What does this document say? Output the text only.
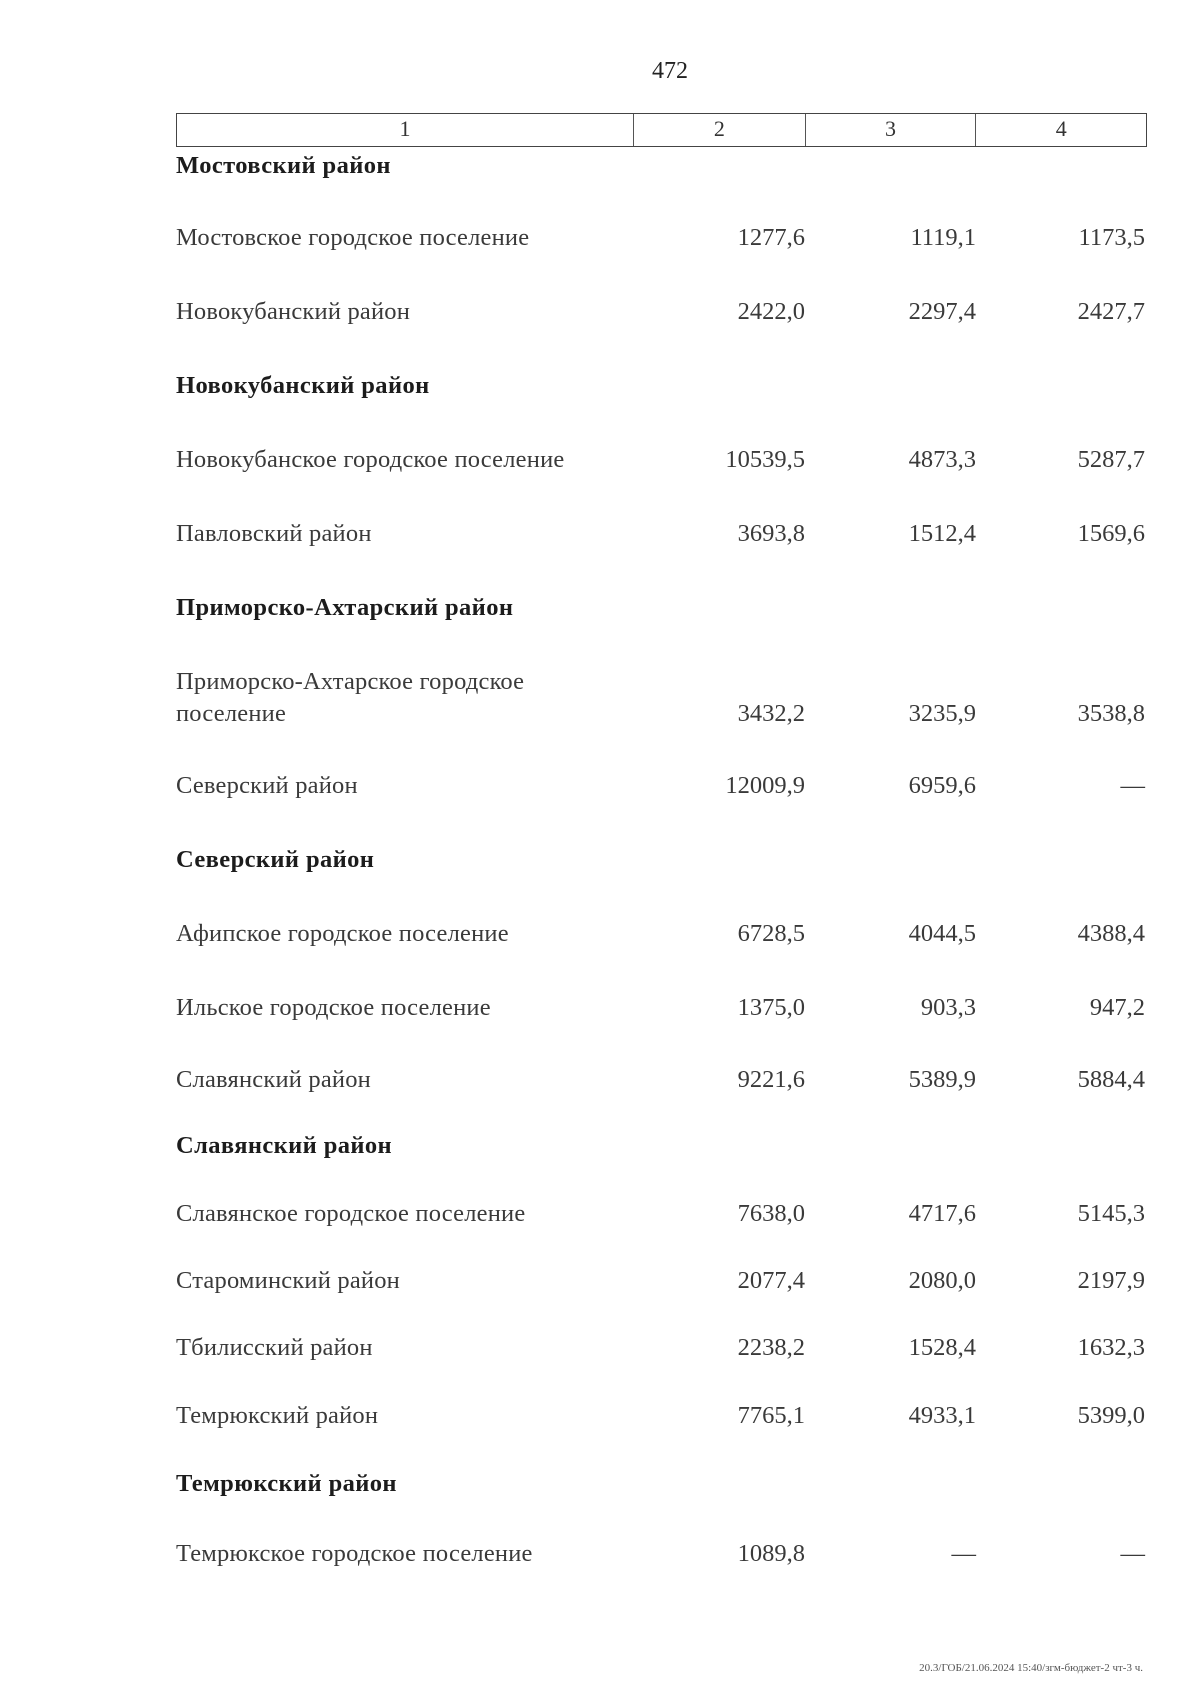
472
1	2	3	4
Мостовский район
Мостовское городское поселение	1277,6	1119,1	1173,5
Новокубанский район	2422,0	2297,4	2427,7
Новокубанский район
Новокубанское городское поселение	10539,5	4873,3	5287,7
Павловский район	3693,8	1512,4	1569,6
Приморско-Ахтарский район
Приморско-Ахтарское городское поселение	3432,2	3235,9	3538,8
Северский район	12009,9	6959,6	—
Северский район
Афипское городское поселение	6728,5	4044,5	4388,4
Ильское городское поселение	1375,0	903,3	947,2
Славянский район	9221,6	5389,9	5884,4
Славянский район
Славянское городское поселение	7638,0	4717,6	5145,3
Староминский район	2077,4	2080,0	2197,9
Тбилисский район	2238,2	1528,4	1632,3
Темрюкский район	7765,1	4933,1	5399,0
Темрюкский район
Темрюкское городское поселение	1089,8	—	—
20.3/ГОБ/21.06.2024 15:40/згм-бюджет-2 чт-3 ч.
